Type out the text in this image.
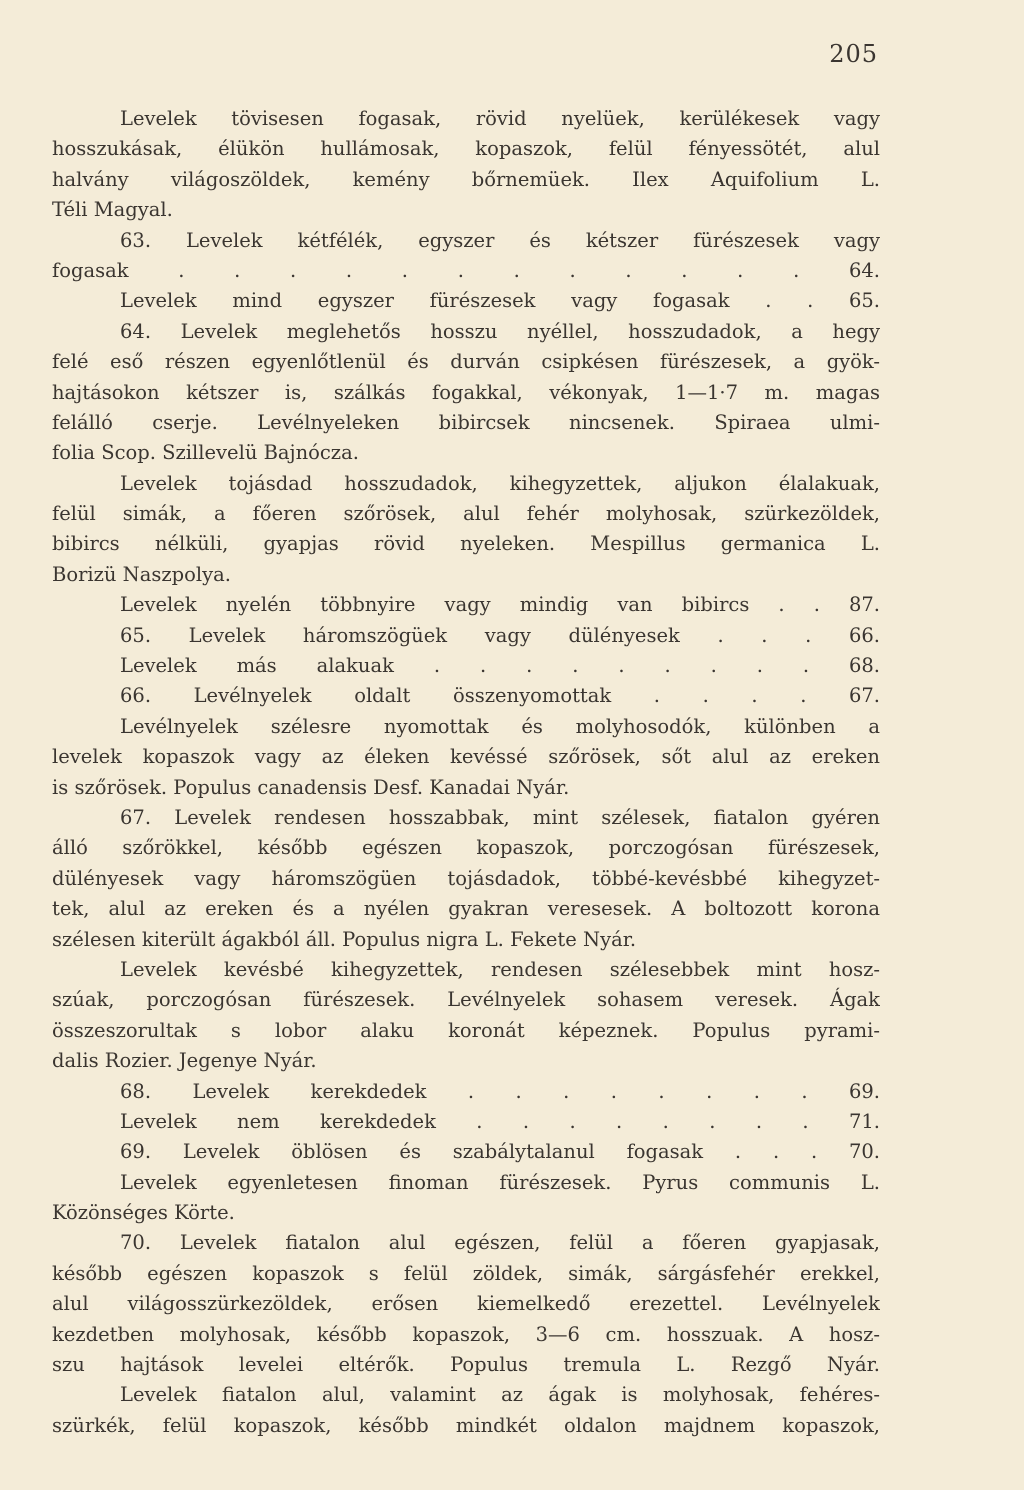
205
Levelek tövisesen fogasak, rövid nyelüek, kerülékesek vagy
hosszukásak, élükön hullámosak, kopaszok, felül fényessötét, alul
halvány világoszöldek, kemény bőrnemüek. Ilex Aquifolium L.
Téli Magyal.
63. Levelek kétfélék, egyszer és kétszer fürészesek vagy
fogasak . . . . . . . . . . . . 64.
Levelek mind egyszer fürészesek vagy fogasak . . 65.
64. Levelek meglehetős hosszu nyéllel, hosszudadok, a hegy
felé eső részen egyenlőtlenül és durván csipkésen fürészesek, a gyök-
hajtásokon kétszer is, szálkás fogakkal, vékonyak, 1—1·7 m. magas
felálló cserje. Levélnyeleken bibircsek nincsenek. Spiraea ulmi-
folia Scop. Szillevelü Bajnócza.
Levelek tojásdad hosszudadok, kihegyzettek, aljukon élalakuak,
felül simák, a főeren szőrösek, alul fehér molyhosak, szürkezöldek,
bibircs nélküli, gyapjas rövid nyeleken. Mespillus germanica L.
Borizü Naszpolya.
Levelek nyelén többnyire vagy mindig van bibircs . . 87.
65. Levelek háromszögüek vagy dülényesek . . . 66.
Levelek más alakuak . . . . . . . . . 68.
66. Levélnyelek oldalt összenyomottak . . . . 67.
Levélnyelek szélesre nyomottak és molyhosodók, különben a
levelek kopaszok vagy az éleken kevéssé szőrösek, sőt alul az ereken
is szőrösek. Populus canadensis Desf. Kanadai Nyár.
67. Levelek rendesen hosszabbak, mint szélesek, fiatalon gyéren
álló szőrökkel, később egészen kopaszok, porczogósan fürészesek,
dülényesek vagy háromszögüen tojásdadok, többé-kevésbbé kihegyzet-
tek, alul az ereken és a nyélen gyakran veresesek. A boltozott korona
szélesen kiterült ágakból áll. Populus nigra L. Fekete Nyár.
Levelek kevésbé kihegyzettek, rendesen szélesebbek mint hosz-
szúak, porczogósan fürészesek. Levélnyelek sohasem veresek. Ágak
összeszorultak s lobor alaku koronát képeznek. Populus pyrami-
dalis Rozier. Jegenye Nyár.
68. Levelek kerekdedek . . . . . . . . 69.
Levelek nem kerekdedek . . . . . . . . 71.
69. Levelek öblösen és szabálytalanul fogasak . . . 70.
Levelek egyenletesen finoman fürészesek. Pyrus communis L.
Közönséges Körte.
70. Levelek fiatalon alul egészen, felül a főeren gyapjasak,
később egészen kopaszok s felül zöldek, simák, sárgásfehér erekkel,
alul világosszürkezöldek, erősen kiemelkedő erezettel. Levélnyelek
kezdetben molyhosak, később kopaszok, 3—6 cm. hosszuak. A hosz-
szu hajtások levelei eltérők. Populus tremula L. Rezgő Nyár.
Levelek fiatalon alul, valamint az ágak is molyhosak, fehéres-
szürkék, felül kopaszok, később mindkét oldalon majdnem kopaszok,
